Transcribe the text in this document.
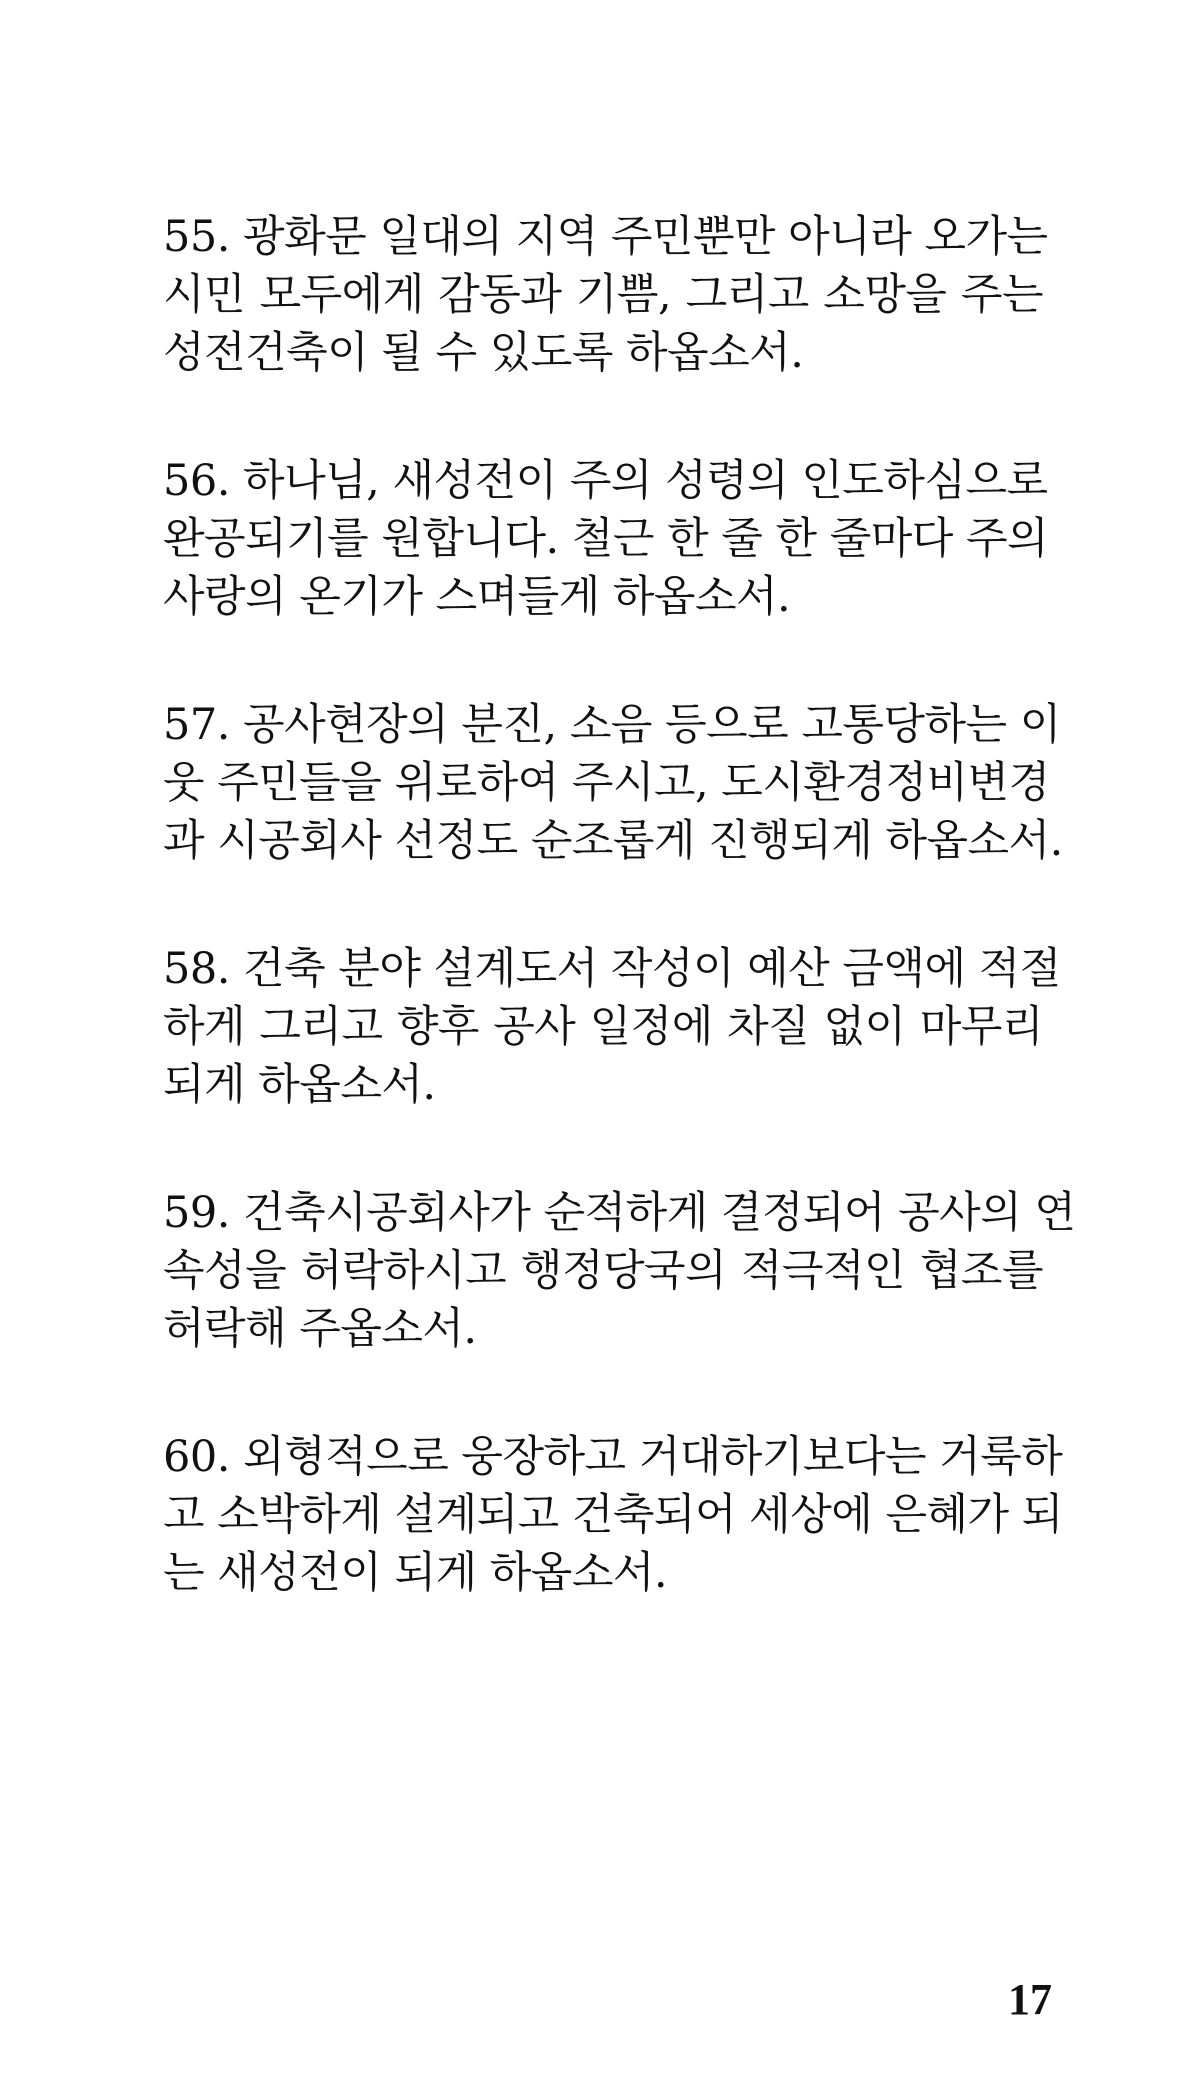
55. 광화문 일대의 지역 주민뿐만 아니라 오가는
시민 모두에게 감동과 기쁨, 그리고 소망을 주는
성전건축이 될 수 있도록 하옵소서.
56. 하나님, 새성전이 주의 성령의 인도하심으로
완공되기를 원합니다. 철근 한 줄 한 줄마다 주의
사랑의 온기가 스며들게 하옵소서.
57. 공사현장의 분진, 소음 등으로 고통당하는 이
웃 주민들을 위로하여 주시고, 도시환경정비변경
과 시공회사 선정도 순조롭게 진행되게 하옵소서.
58. 건축 분야 설계도서 작성이 예산 금액에 적절
하게 그리고 향후 공사 일정에 차질 없이 마무리
되게 하옵소서.
59. 건축시공회사가 순적하게 결정되어 공사의 연
속성을 허락하시고 행정당국의 적극적인 협조를
허락해 주옵소서.
60. 외형적으로 웅장하고 거대하기보다는 거룩하
고 소박하게 설계되고 건축되어 세상에 은혜가 되
는 새성전이 되게 하옵소서.
17
